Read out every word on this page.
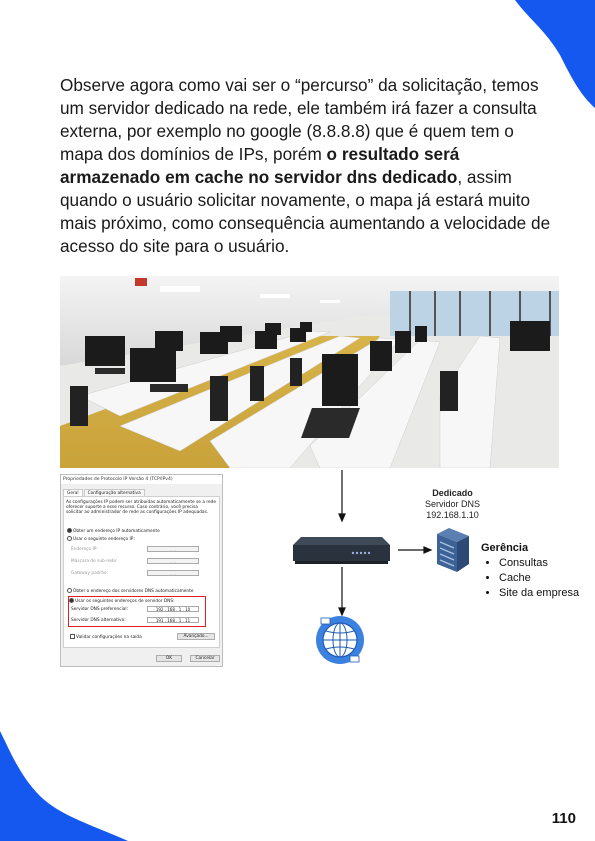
Observe agora como vai ser o “percurso” da solicitação, temos um servidor dedicado na rede, ele também irá fazer a consulta externa, por exemplo no google (8.8.8.8) que é quem tem o mapa dos domínios de IPs, porém o resultado será armazenado em cache no servidor dns dedicado, assim quando o usuário solicitar novamente, o mapa já estará muito mais próximo, como consequência aumentando a velocidade de acesso do site para o usuário.
Propriedades de Protocolo IP Versão 4 (TCP/IPv4)
Geral	Configuração alternativa
As configurações IP podem ser atribuídas automaticamente se a rede oferecer suporte a esse recurso. Caso contrário, você precisa solicitar ao administrador de rede as configurações IP adequadas.
Obter um endereço IP automaticamente
Usar o seguinte endereço IP:
Endereço IP:	. . .
Máscara de sub-rede:	. . .
Gateway padrão:	. . .
Obter o endereço dos servidores DNS automaticamente
Usar os seguintes endereços de servidor DNS:
Servidor DNS preferencial:	192 . 168 . 1 . 10
Servidor DNS alternativo:	191 . 168 . 1 . 11
Validar configurações na saída	Avançado...
OK	Cancelar
Dedicado
Servidor DNS
192.168.1.10
Gerência
• Consultas
• Cache
• Site da empresa
110
